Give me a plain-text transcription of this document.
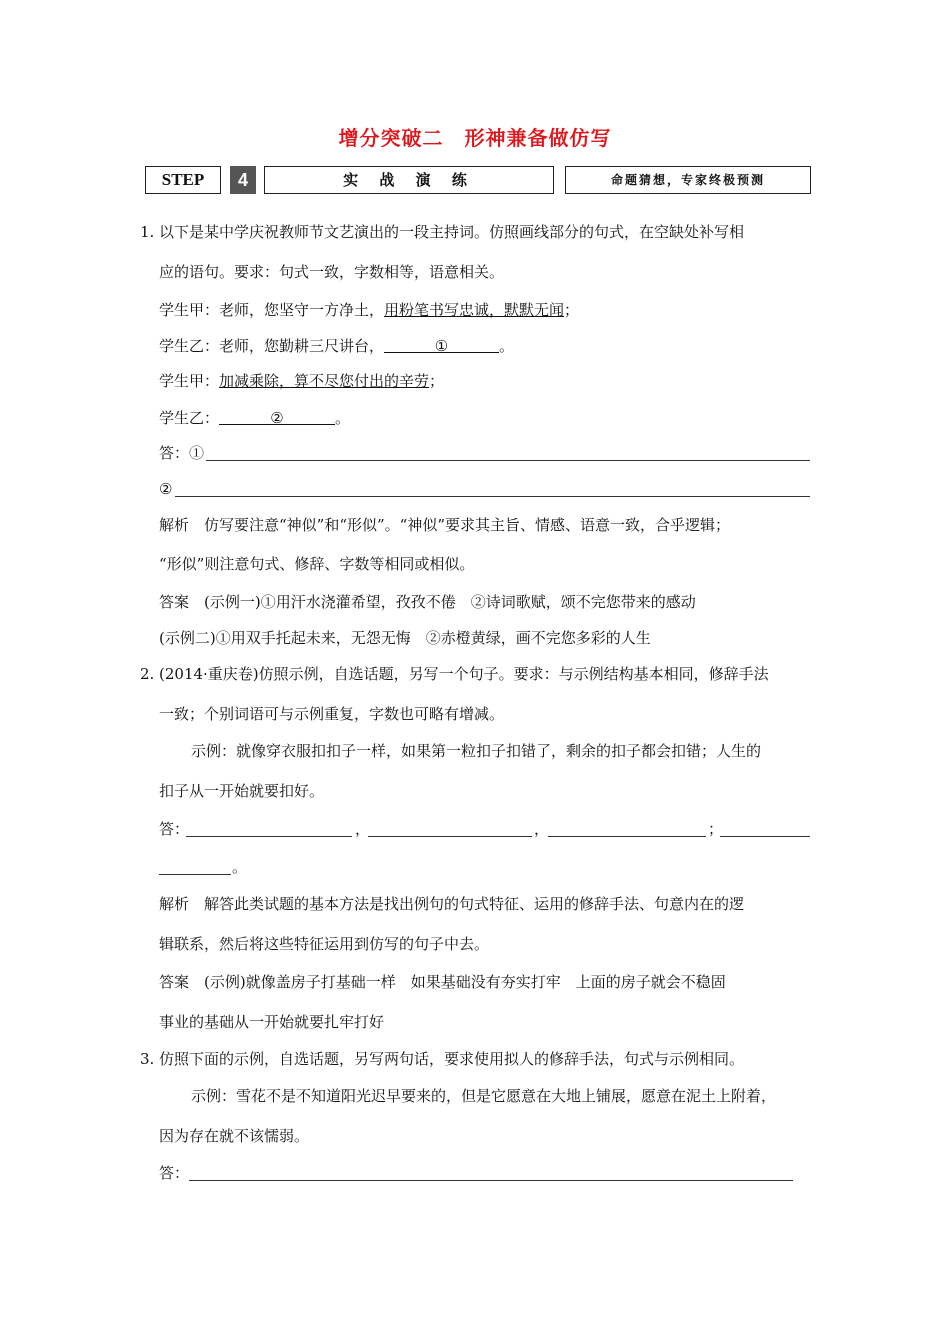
增分突破二　形神兼备做仿写
STEP	4	实 战 演 练	命题猜想，专家终极预测
1. 以下是某中学庆祝教师节文艺演出的一段主持词。仿照画线部分的句式，在空缺处补写相
应的语句。要求：句式一致，字数相等，语意相关。
学生甲：老师，您坚守一方净土，用粉笔书写忠诚，默默无闻；
学生乙：老师，您勤耕三尺讲台，	①	。
学生甲：加减乘除，算不尽您付出的辛劳；
学生乙：	②	。
答：①
②
解析　仿写要注意“神似”和“形似”。“神似”要求其主旨、情感、语意一致，合乎逻辑；
“形似”则注意句式、修辞、字数等相同或相似。
答案　(示例一)①用汗水浇灌希望，孜孜不倦　②诗词歌赋，颂不完您带来的感动
(示例二)①用双手托起未来，无怨无悔　②赤橙黄绿，画不完您多彩的人生
2. (2014·重庆卷)仿照示例，自选话题，另写一个句子。要求：与示例结构基本相同，修辞手法
一致；个别词语可与示例重复，字数也可略有增减。
示例：就像穿衣服扣扣子一样，如果第一粒扣子扣错了，剩余的扣子都会扣错；人生的
扣子从一开始就要扣好。
答：	，	，	；
。
解析　解答此类试题的基本方法是找出例句的句式特征、运用的修辞手法、句意内在的逻
辑联系，然后将这些特征运用到仿写的句子中去。
答案　(示例)就像盖房子打基础一样　如果基础没有夯实打牢　上面的房子就会不稳固
事业的基础从一开始就要扎牢打好
3. 仿照下面的示例，自选话题，另写两句话，要求使用拟人的修辞手法，句式与示例相同。
示例：雪花不是不知道阳光迟早要来的，但是它愿意在大地上铺展，愿意在泥土上附着，
因为存在就不该懦弱。
答：
